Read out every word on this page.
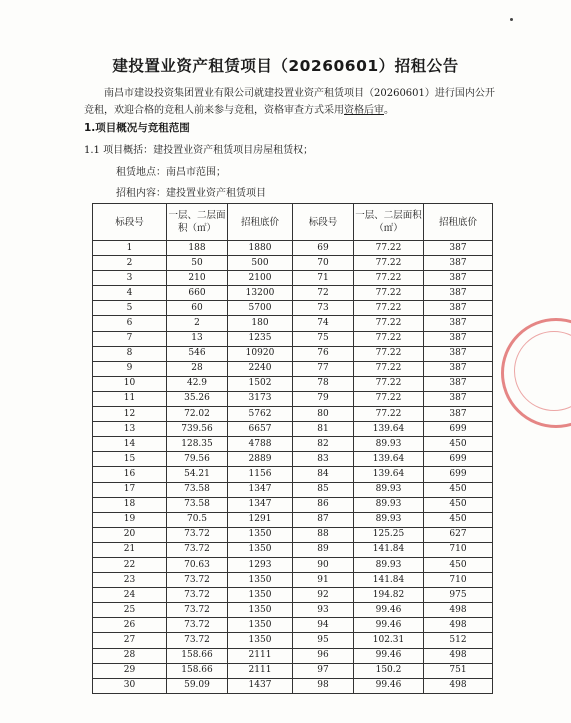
建投置业资产租赁项目（20260601）招租公告
南昌市建设投资集团置业有限公司就建投置业资产租赁项目（20260601）进行国内公开竞租，欢迎合格的竞租人前来参与竞租，资格审查方式采用资格后审。
1.项目概况与竞租范围
1.1 项目概括：建投置业资产租赁项目房屋租赁权；
租赁地点：南昌市范围；
招租内容：建投置业资产租赁项目
标段号	一层、二层面积（㎡）	招租底价	标段号	一层、二层面积（㎡）	招租底价
1	188	1880	69	77.22	387
2	50	500	70	77.22	387
3	210	2100	71	77.22	387
4	660	13200	72	77.22	387
5	60	5700	73	77.22	387
6	2	180	74	77.22	387
7	13	1235	75	77.22	387
8	546	10920	76	77.22	387
9	28	2240	77	77.22	387
10	42.9	1502	78	77.22	387
11	35.26	3173	79	77.22	387
12	72.02	5762	80	77.22	387
13	739.56	6657	81	139.64	699
14	128.35	4788	82	89.93	450
15	79.56	2889	83	139.64	699
16	54.21	1156	84	139.64	699
17	73.58	1347	85	89.93	450
18	73.58	1347	86	89.93	450
19	70.5	1291	87	89.93	450
20	73.72	1350	88	125.25	627
21	73.72	1350	89	141.84	710
22	70.63	1293	90	89.93	450
23	73.72	1350	91	141.84	710
24	73.72	1350	92	194.82	975
25	73.72	1350	93	99.46	498
26	73.72	1350	94	99.46	498
27	73.72	1350	95	102.31	512
28	158.66	2111	96	99.46	498
29	158.66	2111	97	150.2	751
30	59.09	1437	98	99.46	498
